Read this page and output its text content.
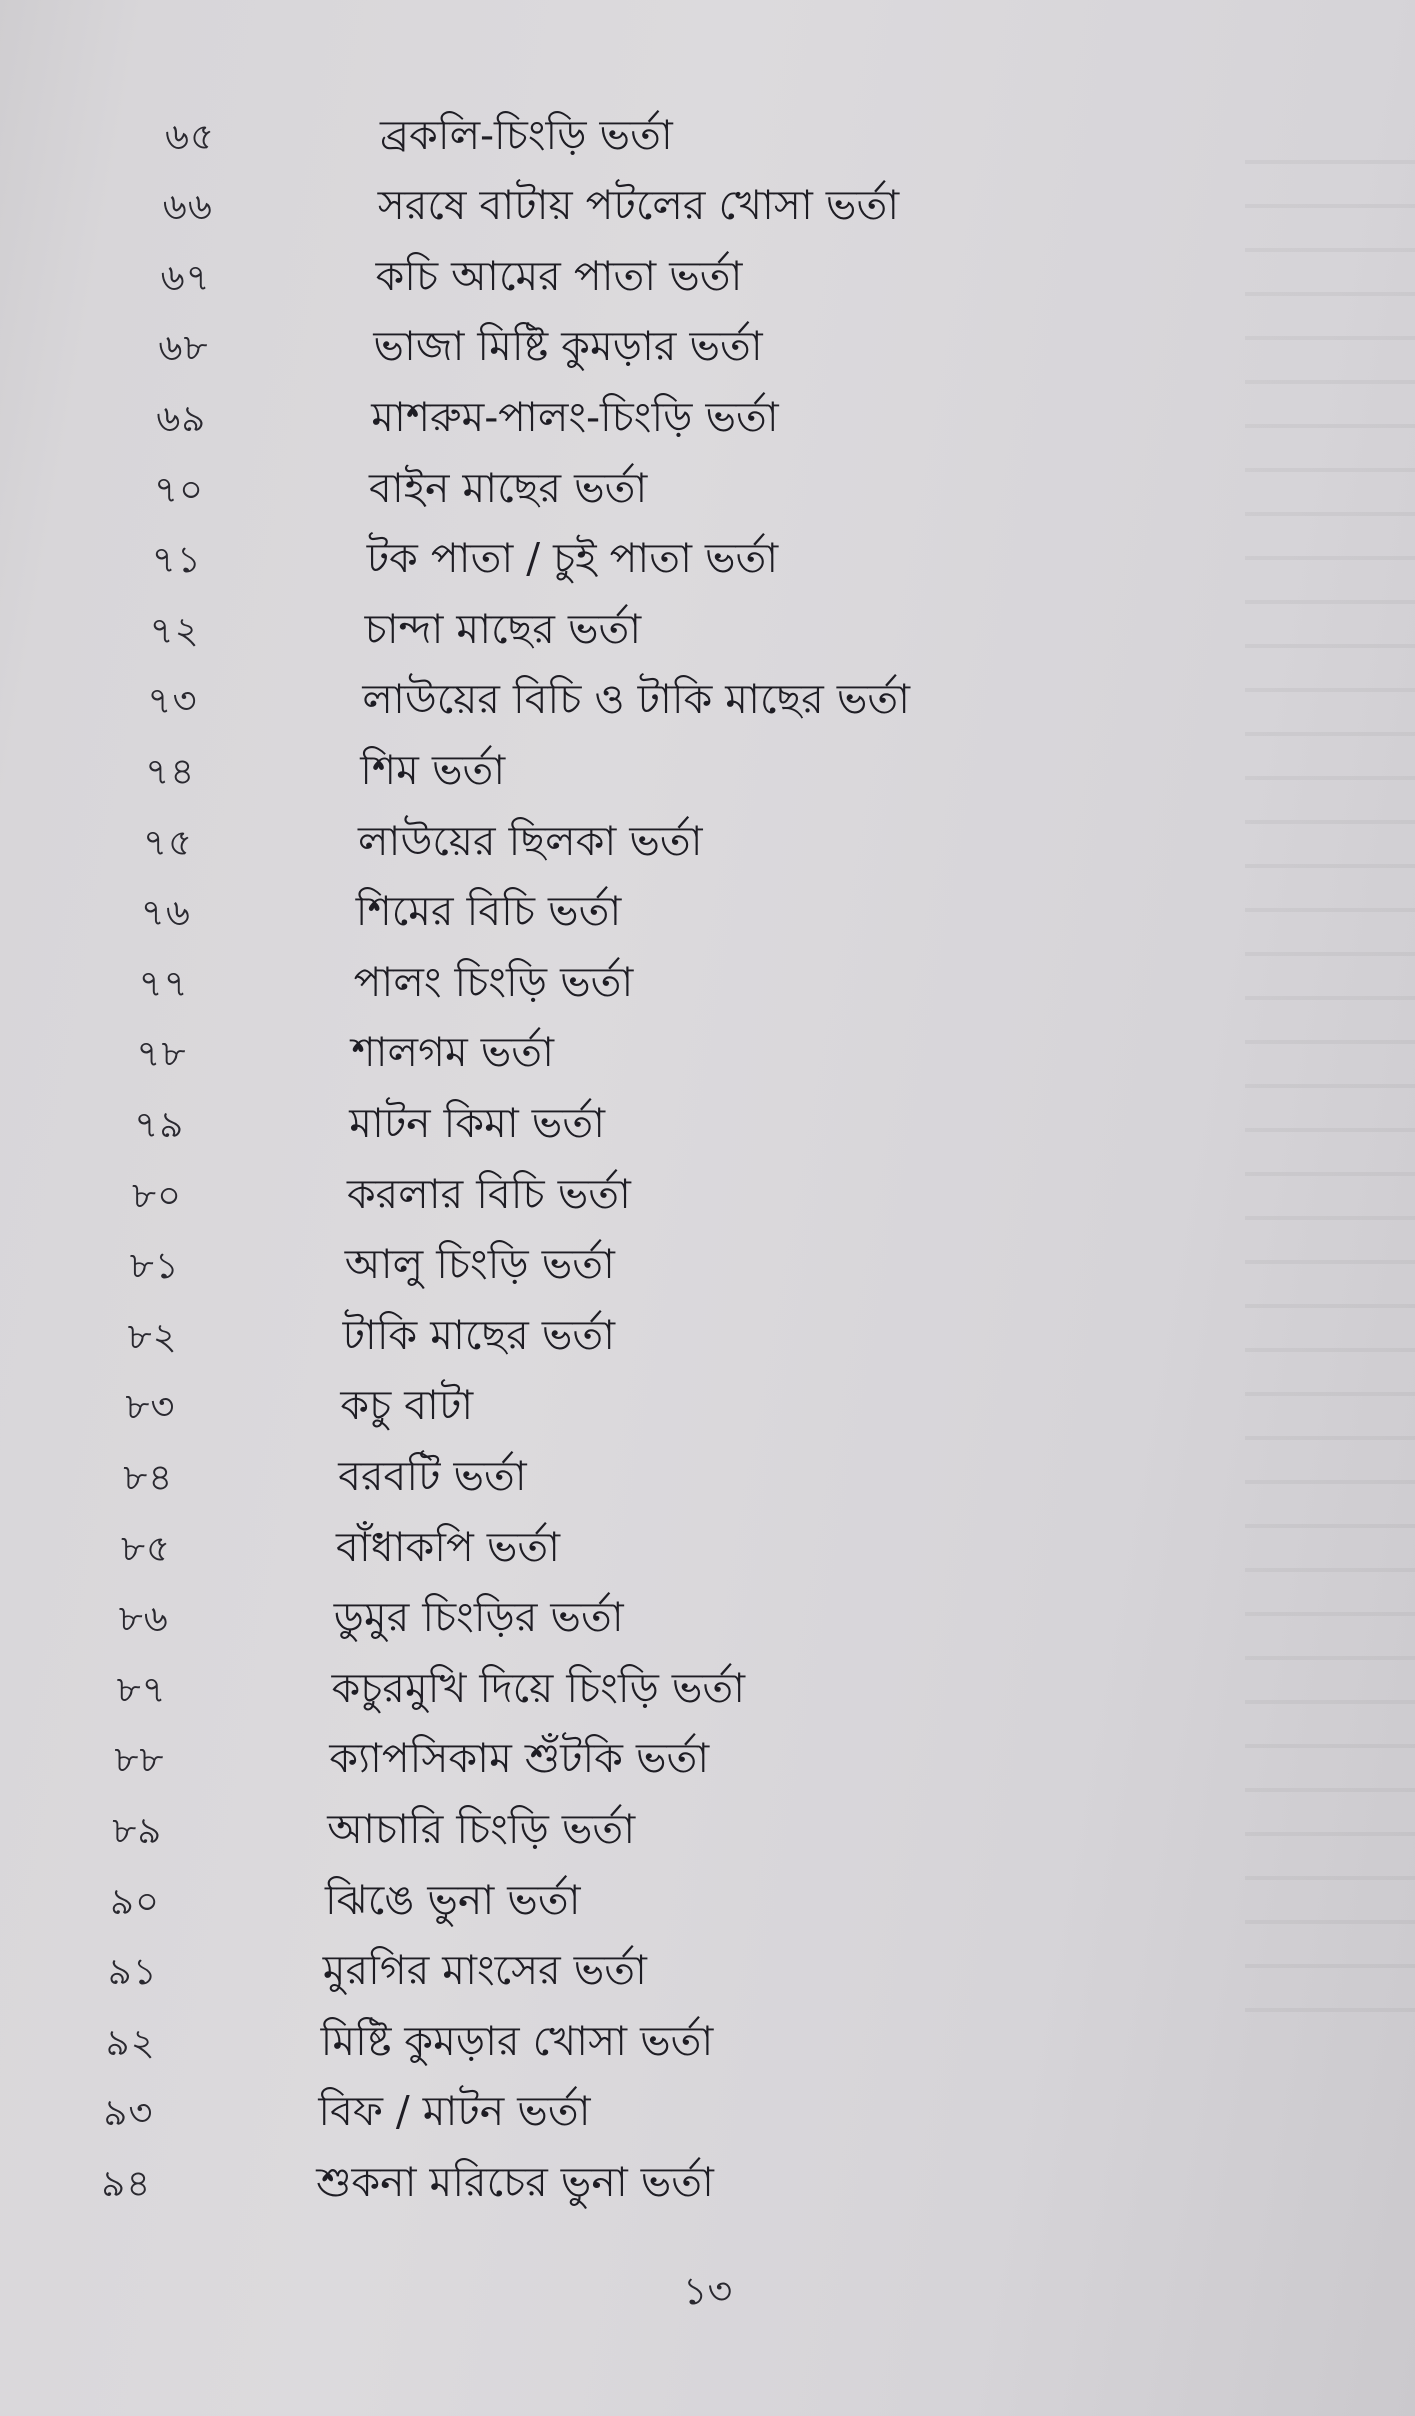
৬৫	ব্রকলি-চিংড়ি ভর্তা
৬৬	সরষে বাটায় পটলের খোসা ভর্তা
৬৭	কচি আমের পাতা ভর্তা
৬৮	ভাজা মিষ্টি কুমড়ার ভর্তা
৬৯	মাশরুম-পালং-চিংড়ি ভর্তা
৭০	বাইন মাছের ভর্তা
৭১	টক পাতা / চুই পাতা ভর্তা
৭২	চান্দা মাছের ভর্তা
৭৩	লাউয়ের বিচি ও টাকি মাছের ভর্তা
৭৪	শিম ভর্তা
৭৫	লাউয়ের ছিলকা ভর্তা
৭৬	শিমের বিচি ভর্তা
৭৭	পালং চিংড়ি ভর্তা
৭৮	শালগম ভর্তা
৭৯	মাটন কিমা ভর্তা
৮০	করলার বিচি ভর্তা
৮১	আলু চিংড়ি ভর্তা
৮২	টাকি মাছের ভর্তা
৮৩	কচু বাটা
৮৪	বরবটি ভর্তা
৮৫	বাঁধাকপি ভর্তা
৮৬	ডুমুর চিংড়ির ভর্তা
৮৭	কচুরমুখি দিয়ে চিংড়ি ভর্তা
৮৮	ক্যাপসিকাম শুঁটকি ভর্তা
৮৯	আচারি চিংড়ি ভর্তা
৯০	ঝিঙে ভুনা ভর্তা
৯১	মুরগির মাংসের ভর্তা
৯২	মিষ্টি কুমড়ার খোসা ভর্তা
৯৩	বিফ / মাটন ভর্তা
৯৪	শুকনা মরিচের ভুনা ভর্তা
১৩
